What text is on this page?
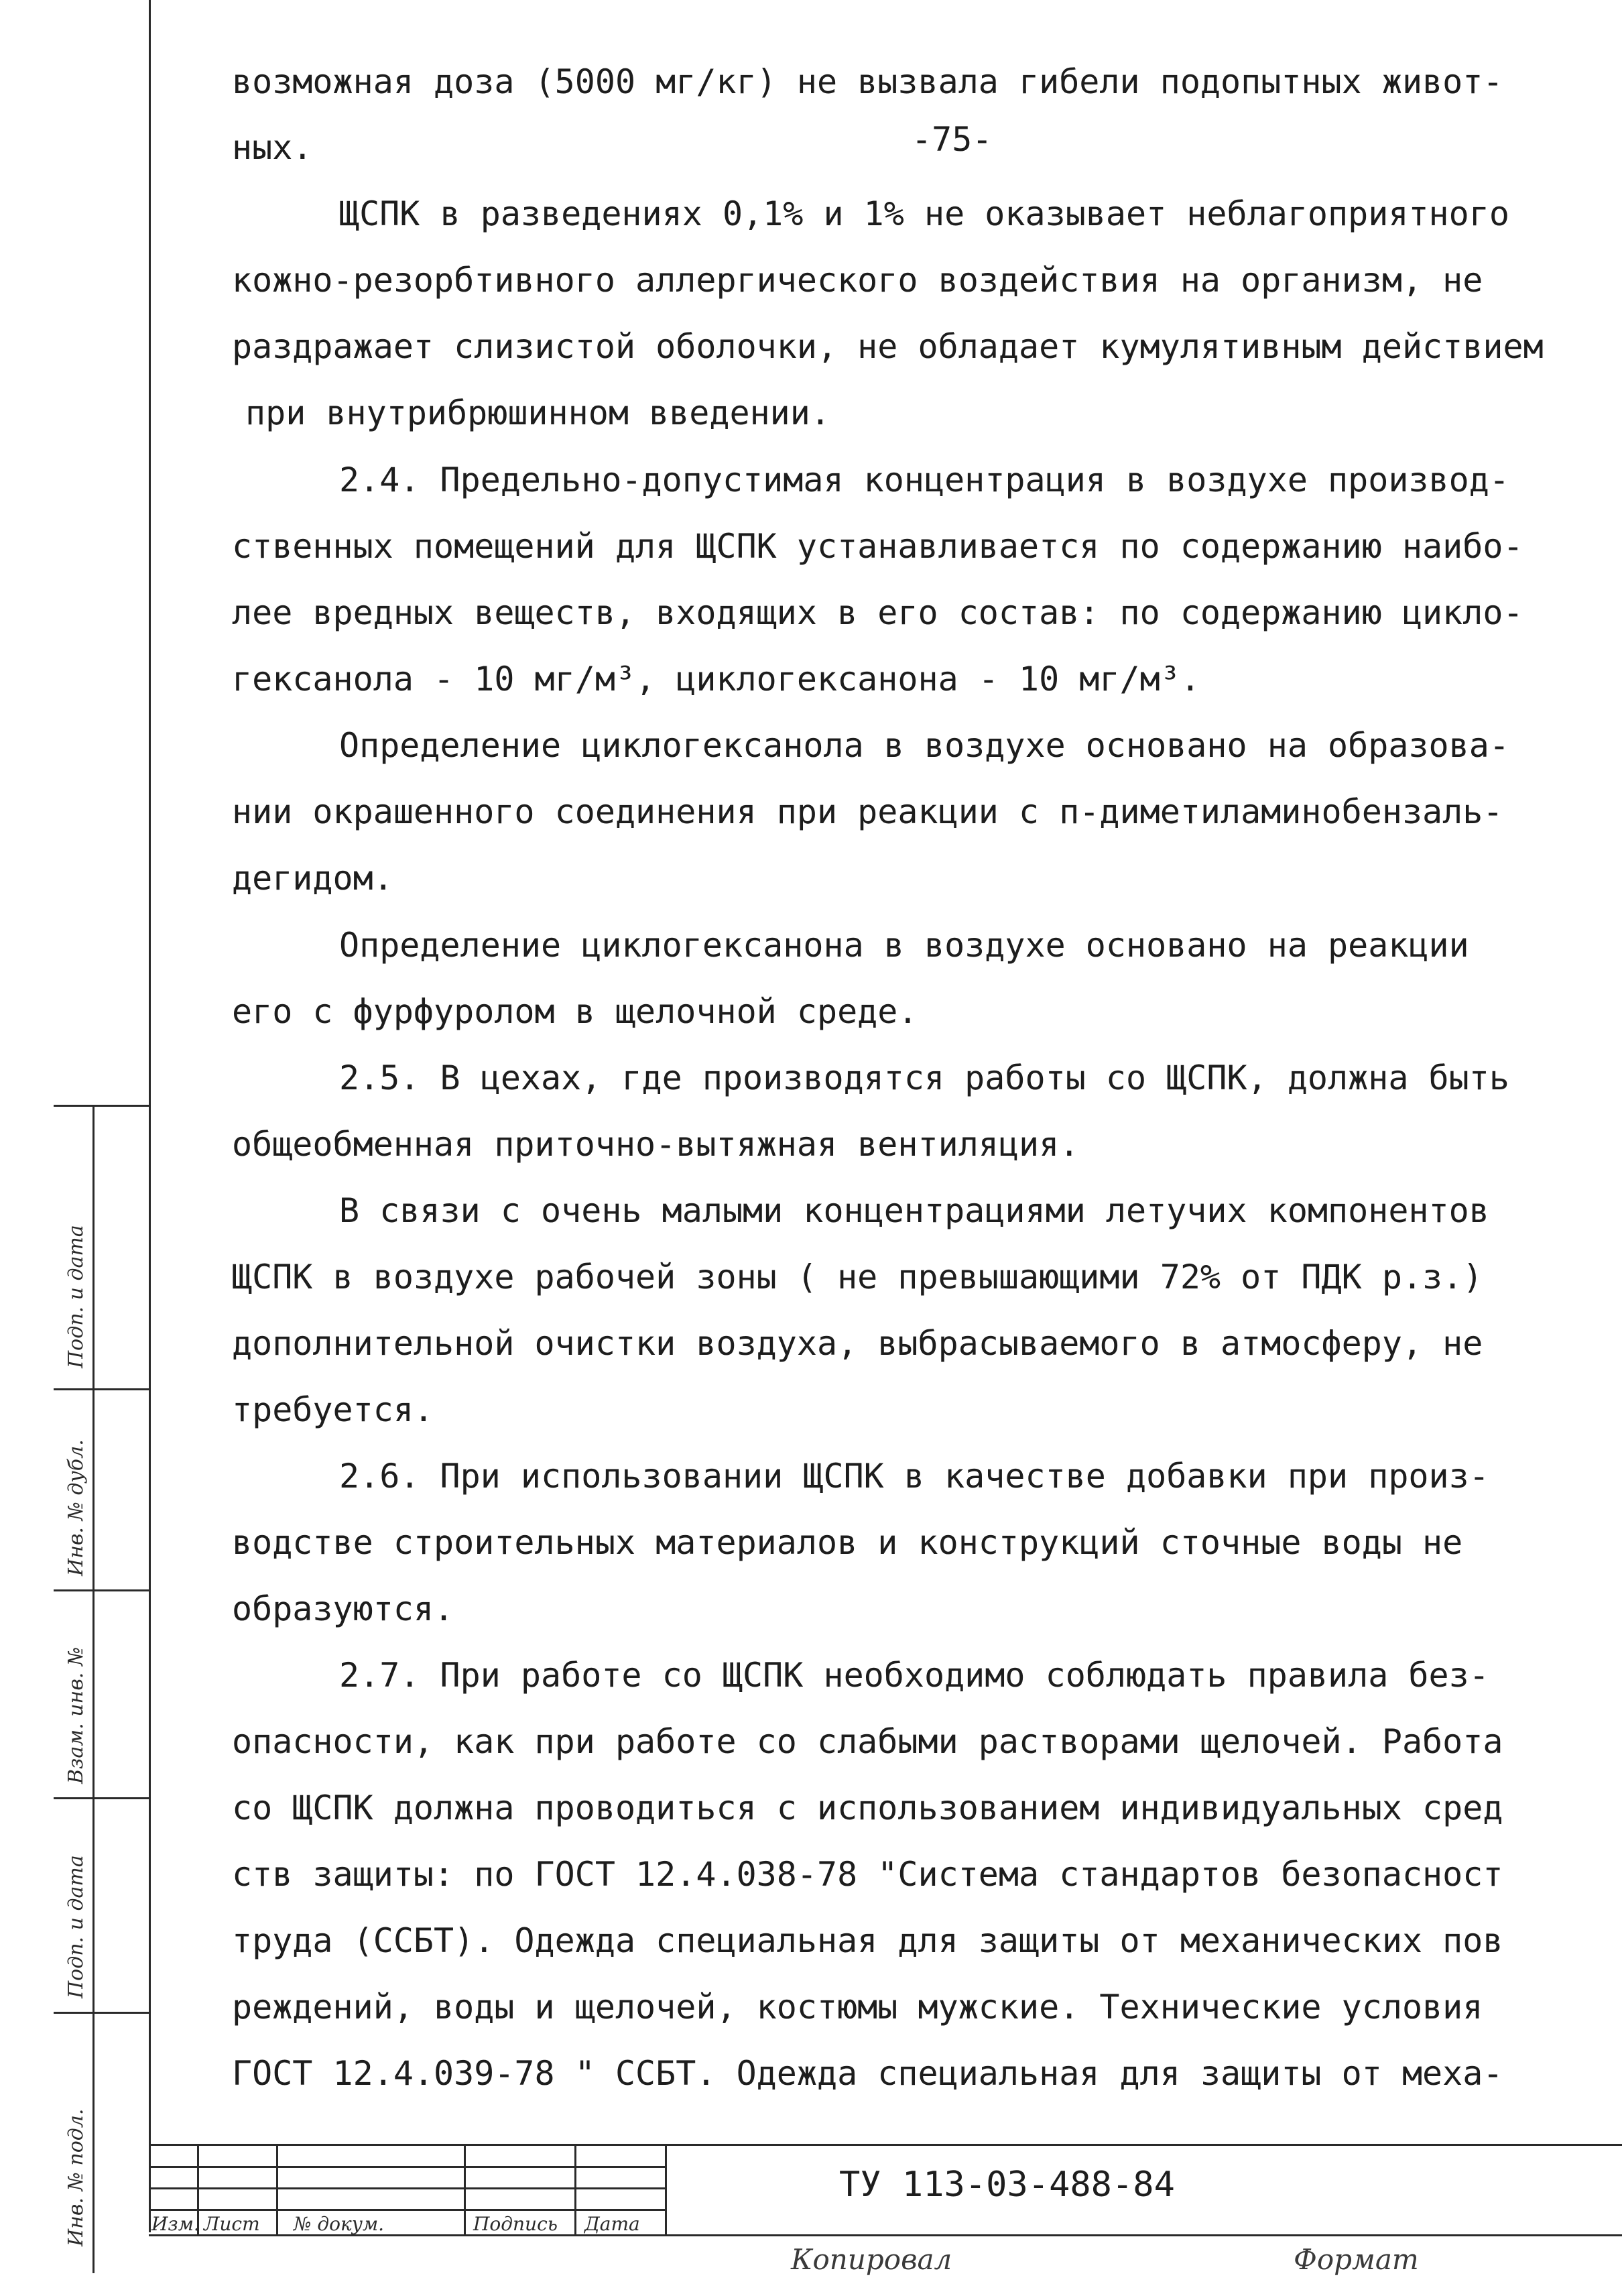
-75-
возможная доза (5000 мг/кг) не вызвала гибели подопытных живот-
ных.
ЩСПК в разведениях 0,1% и 1% не оказывает неблагоприятного
кожно-резорбтивного аллергического воздействия на организм, не
раздражает слизистой оболочки, не обладает кумулятивным действием
при внутрибрюшинном введении.
2.4. Предельно-допустимая концентрация в воздухе производ-
ственных помещений для ЩСПК устанавливается по содержанию наибо-
лее вредных веществ, входящих в его состав: по содержанию цикло-
гексанола - 10 мг/м³, циклогексанона - 10 мг/м³.
Определение циклогексанола в воздухе основано на образова-
нии окрашенного соединения при реакции с п-диметиламинобензаль-
дегидом.
Определение циклогексанона в воздухе основано на реакции
его с фурфуролом в щелочной среде.
2.5. В цехах, где производятся работы со ЩСПК, должна быть
общеобменная приточно-вытяжная вентиляция.
В связи с очень малыми концентрациями летучих компонентов
ЩСПК в воздухе рабочей зоны ( не превышающими 72% от ПДК р.з.)
дополнительной очистки воздуха, выбрасываемого в атмосферу, не
требуется.
2.6. При использовании ЩСПК в качестве добавки при произ-
водстве строительных материалов и конструкций сточные воды не
образуются.
2.7. При работе со ЩСПК необходимо соблюдать правила без-
опасности, как при работе со слабыми растворами щелочей. Работа
со ЩСПК должна проводиться с использованием индивидуальных сред
ств защиты: по ГОСТ 12.4.038-78 "Система стандартов безопасност
труда (ССБТ). Одежда специальная для защиты от механических пов
реждений, воды и щелочей, костюмы мужские. Технические условия
ГОСТ 12.4.039-78 " ССБТ. Одежда специальная для защиты от меха-
Подп. и дата
Инв. № дубл.
Взам. инв. №
Подп. и дата
Инв. № подл.	Изм. Лист № докум.	Подпись Дата
ТУ 113-03-488-84
Копировал	Формат
